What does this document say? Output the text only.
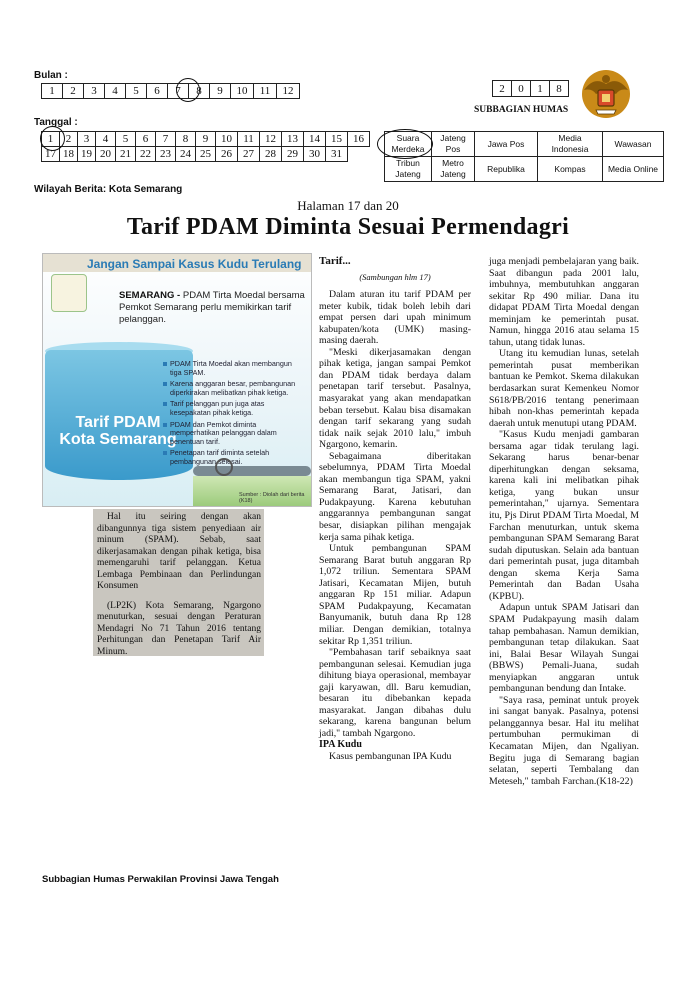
Bulan :
1	2	3	4	5	6	7	8	9	10	11	12
Tanggal :
1	2	3	4	5	6	7	8	9	10	11	12	13	14	15	16
17	18	19	20	21	22	23	24	25	26	27	28	29	30	31	
Wilayah Berita: Kota Semarang
2	0	1	8
SUBBAGIAN HUMAS
Suara Merdeka	Jateng Pos	Jawa Pos	Media Indonesia	Wawasan
Tribun Jateng	Metro Jateng	Republika	Kompas	Media Online
Halaman 17 dan 20
Tarif PDAM Diminta Sesuai Permendagri
Jangan Sampai Kasus Kudu Terulang
SEMARANG - PDAM Tirta Moedal bersama Pemkot Semarang perlu memikirkan tarif pelanggan.
Tarif PDAM
Kota Semarang
PDAM Tirta Moedal akan membangun tiga SPAM.
Karena anggaran besar, pembangunan diperkirakan melibatkan pihak ketiga.
Tarif pelanggan pun juga atas kesepakatan pihak ketiga.
PDAM dan Pemkot diminta memperhatikan pelanggan dalam penentuan tarif.
Penetapan tarif diminta setelah pembangunan selesai.
Sumber : Diolah dari berita (K18)

Hal itu seiring dengan akan dibangunnya tiga sistem penyediaan air minum (SPAM). Sebab, saat dikerjasamakan dengan pihak ketiga, bisa memengaruhi tarif pelanggan. Ketua Lembaga Pembinaan dan Perlindungan Konsumen

(LP2K) Kota Semarang, Ngargono menuturkan, sesuai dengan Peraturan Mendagri No 71 Tahun 2016 tentang Perhitungan dan Penetapan Tarif Air Minum.

Tarif...

(Sambungan hlm 17)

Dalam aturan itu tarif PDAM per meter kubik, tidak boleh lebih dari empat persen dari upah minimum kabupaten/kota (UMK) masing-masing daerah.

"Meski dikerjasamakan dengan pihak ketiga, jangan sampai Pemkot dan PDAM tidak berdaya dalam penetapan tarif tersebut. Pasalnya, masyarakat yang akan mendapatkan beban tersebut. Kalau bisa disamakan dengan tarif sekarang yang sudah tidak naik sejak 2010 lalu," imbuh Ngargono, kemarin.

Sebagaimana diberitakan sebelumnya, PDAM Tirta Moedal akan membangun tiga SPAM, yakni Semarang Barat, Jatisari, dan Pudakpayung. Karena kebutuhan anggarannya pembangunan sangat besar, disiapkan pilihan mengajak kerja sama pihak ketiga.

Untuk pembangunan SPAM Semarang Barat butuh anggaran Rp 1,072 triliun. Sementara SPAM Jatisari, Kecamatan Mijen, butuh anggaran Rp 151 miliar. Adapun SPAM Pudakpayung, Kecamatan Banyumanik, butuh dana Rp 128 miliar. Dengan demikian, totalnya sekitar Rp 1,351 triliun.

"Pembahasan tarif sebaiknya saat pembangunan selesai. Kemudian juga dihitung biaya operasional, membayar gaji karyawan, dll. Baru kemudian, besaran itu dibebankan kepada masyarakat. Jangan dibahas dulu sekarang, karena bangunan belum jadi," tambah Ngargono.

IPA Kudu

Kasus pembangunan IPA Kudu

juga menjadi pembelajaran yang baik. Saat dibangun pada 2001 lalu, imbuhnya, membutuhkan anggaran sekitar Rp 490 miliar. Dana itu didapat PDAM Tirta Moedal dengan meminjam ke pemerintah pusat. Namun, hingga 2016 atau selama 15 tahun, utang tidak lunas.

Utang itu kemudian lunas, setelah pemerintah pusat memberikan bantuan ke Pemkot. Skema dilakukan berdasarkan surat Kemenkeu Nomor S618/PB/2016 tentang penerimaan hibah non-khas pemerintah kepada daerah untuk menutupi utang PDAM.

"Kasus Kudu menjadi gambaran bersama agar tidak terulang lagi. Sekarang harus benar-benar diperhitungkan dengan seksama, karena kali ini melibatkan pihak ketiga, yang bukan unsur pemerintahan," ujarnya. Sementara itu, Pjs Dirut PDAM Tirta Moedal, M Farchan menuturkan, untuk skema pembangunan SPAM Semarang Barat sudah diputuskan. Selain ada bantuan dari pemerintah pusat, juga ditambah dengan skema Kerja Sama Pemerintah dan Badan Usaha (KPBU).

Adapun untuk SPAM Jatisari dan SPAM Pudakpayung masih dalam tahap pembahasan. Namun demikian, pembangunan tetap dilakukan. Saat ini, Balai Besar Wilayah Sungai (BBWS) Pemali-Juana, sudah menyiapkan anggaran untuk pembangunan bendung dan Intake.

"Saya rasa, peminat untuk proyek ini sangat banyak. Pasalnya, potensi pelanggannya besar. Hal itu melihat pertumbuhan permukiman di Kecamatan Mijen, dan Ngaliyan. Begitu juga di Semarang bagian selatan, seperti Tembalang dan Meteseh," tambah Farchan.(K18-22)

Subbagian Humas Perwakilan Provinsi Jawa Tengah
